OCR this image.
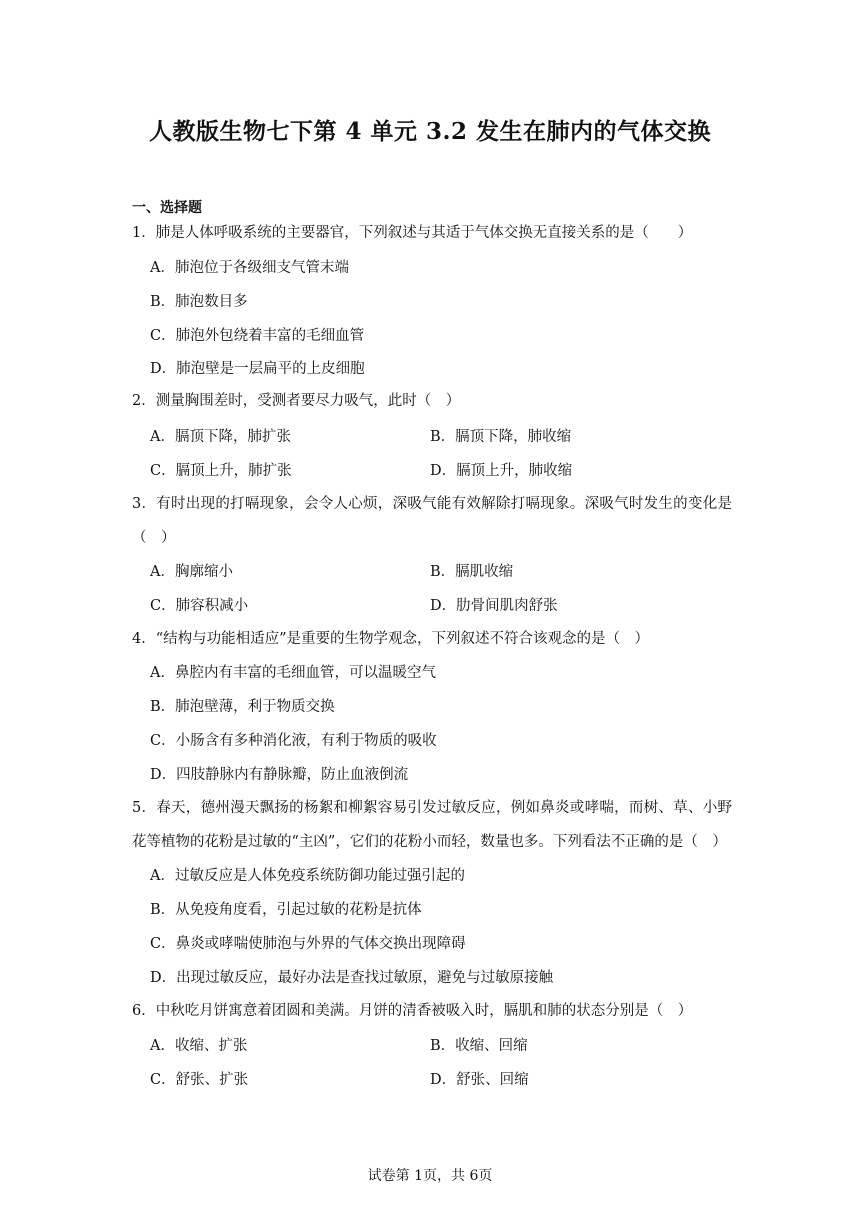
人教版生物七下第 4 单元 3.2 发生在肺内的气体交换
一、选择题
1．肺是人体呼吸系统的主要器官，下列叙述与其适于气体交换无直接关系的是（　　）
A．肺泡位于各级细支气管末端
B．肺泡数目多
C．肺泡外包绕着丰富的毛细血管
D．肺泡壁是一层扁平的上皮细胞
2．测量胸围差时，受测者要尽力吸气，此时（　）
A．膈顶下降，肺扩张	B．膈顶下降，肺收缩
C．膈顶上升，肺扩张	D．膈顶上升，肺收缩
3．有时出现的打嗝现象，会令人心烦，深吸气能有效解除打嗝现象。深吸气时发生的变化是（　）
A．胸廓缩小	B．膈肌收缩
C．肺容积减小	D．肋骨间肌肉舒张
4．“结构与功能相适应”是重要的生物学观念，下列叙述不符合该观念的是（　）
A．鼻腔内有丰富的毛细血管，可以温暖空气
B．肺泡壁薄，利于物质交换
C．小肠含有多种消化液，有利于物质的吸收
D．四肢静脉内有静脉瓣，防止血液倒流
5．春天，德州漫天飘扬的杨絮和柳絮容易引发过敏反应，例如鼻炎或哮喘，而树、草、小野花等植物的花粉是过敏的“主凶”，它们的花粉小而轻，数量也多。下列看法不正确的是（　）
A．过敏反应是人体免疫系统防御功能过强引起的
B．从免疫角度看，引起过敏的花粉是抗体
C．鼻炎或哮喘使肺泡与外界的气体交换出现障碍
D．出现过敏反应，最好办法是查找过敏原，避免与过敏原接触
6．中秋吃月饼寓意着团圆和美满。月饼的清香被吸入时，膈肌和肺的状态分别是（　）
A．收缩、扩张	B．收缩、回缩
C．舒张、扩张	D．舒张、回缩
试卷第 1页，共 6页
